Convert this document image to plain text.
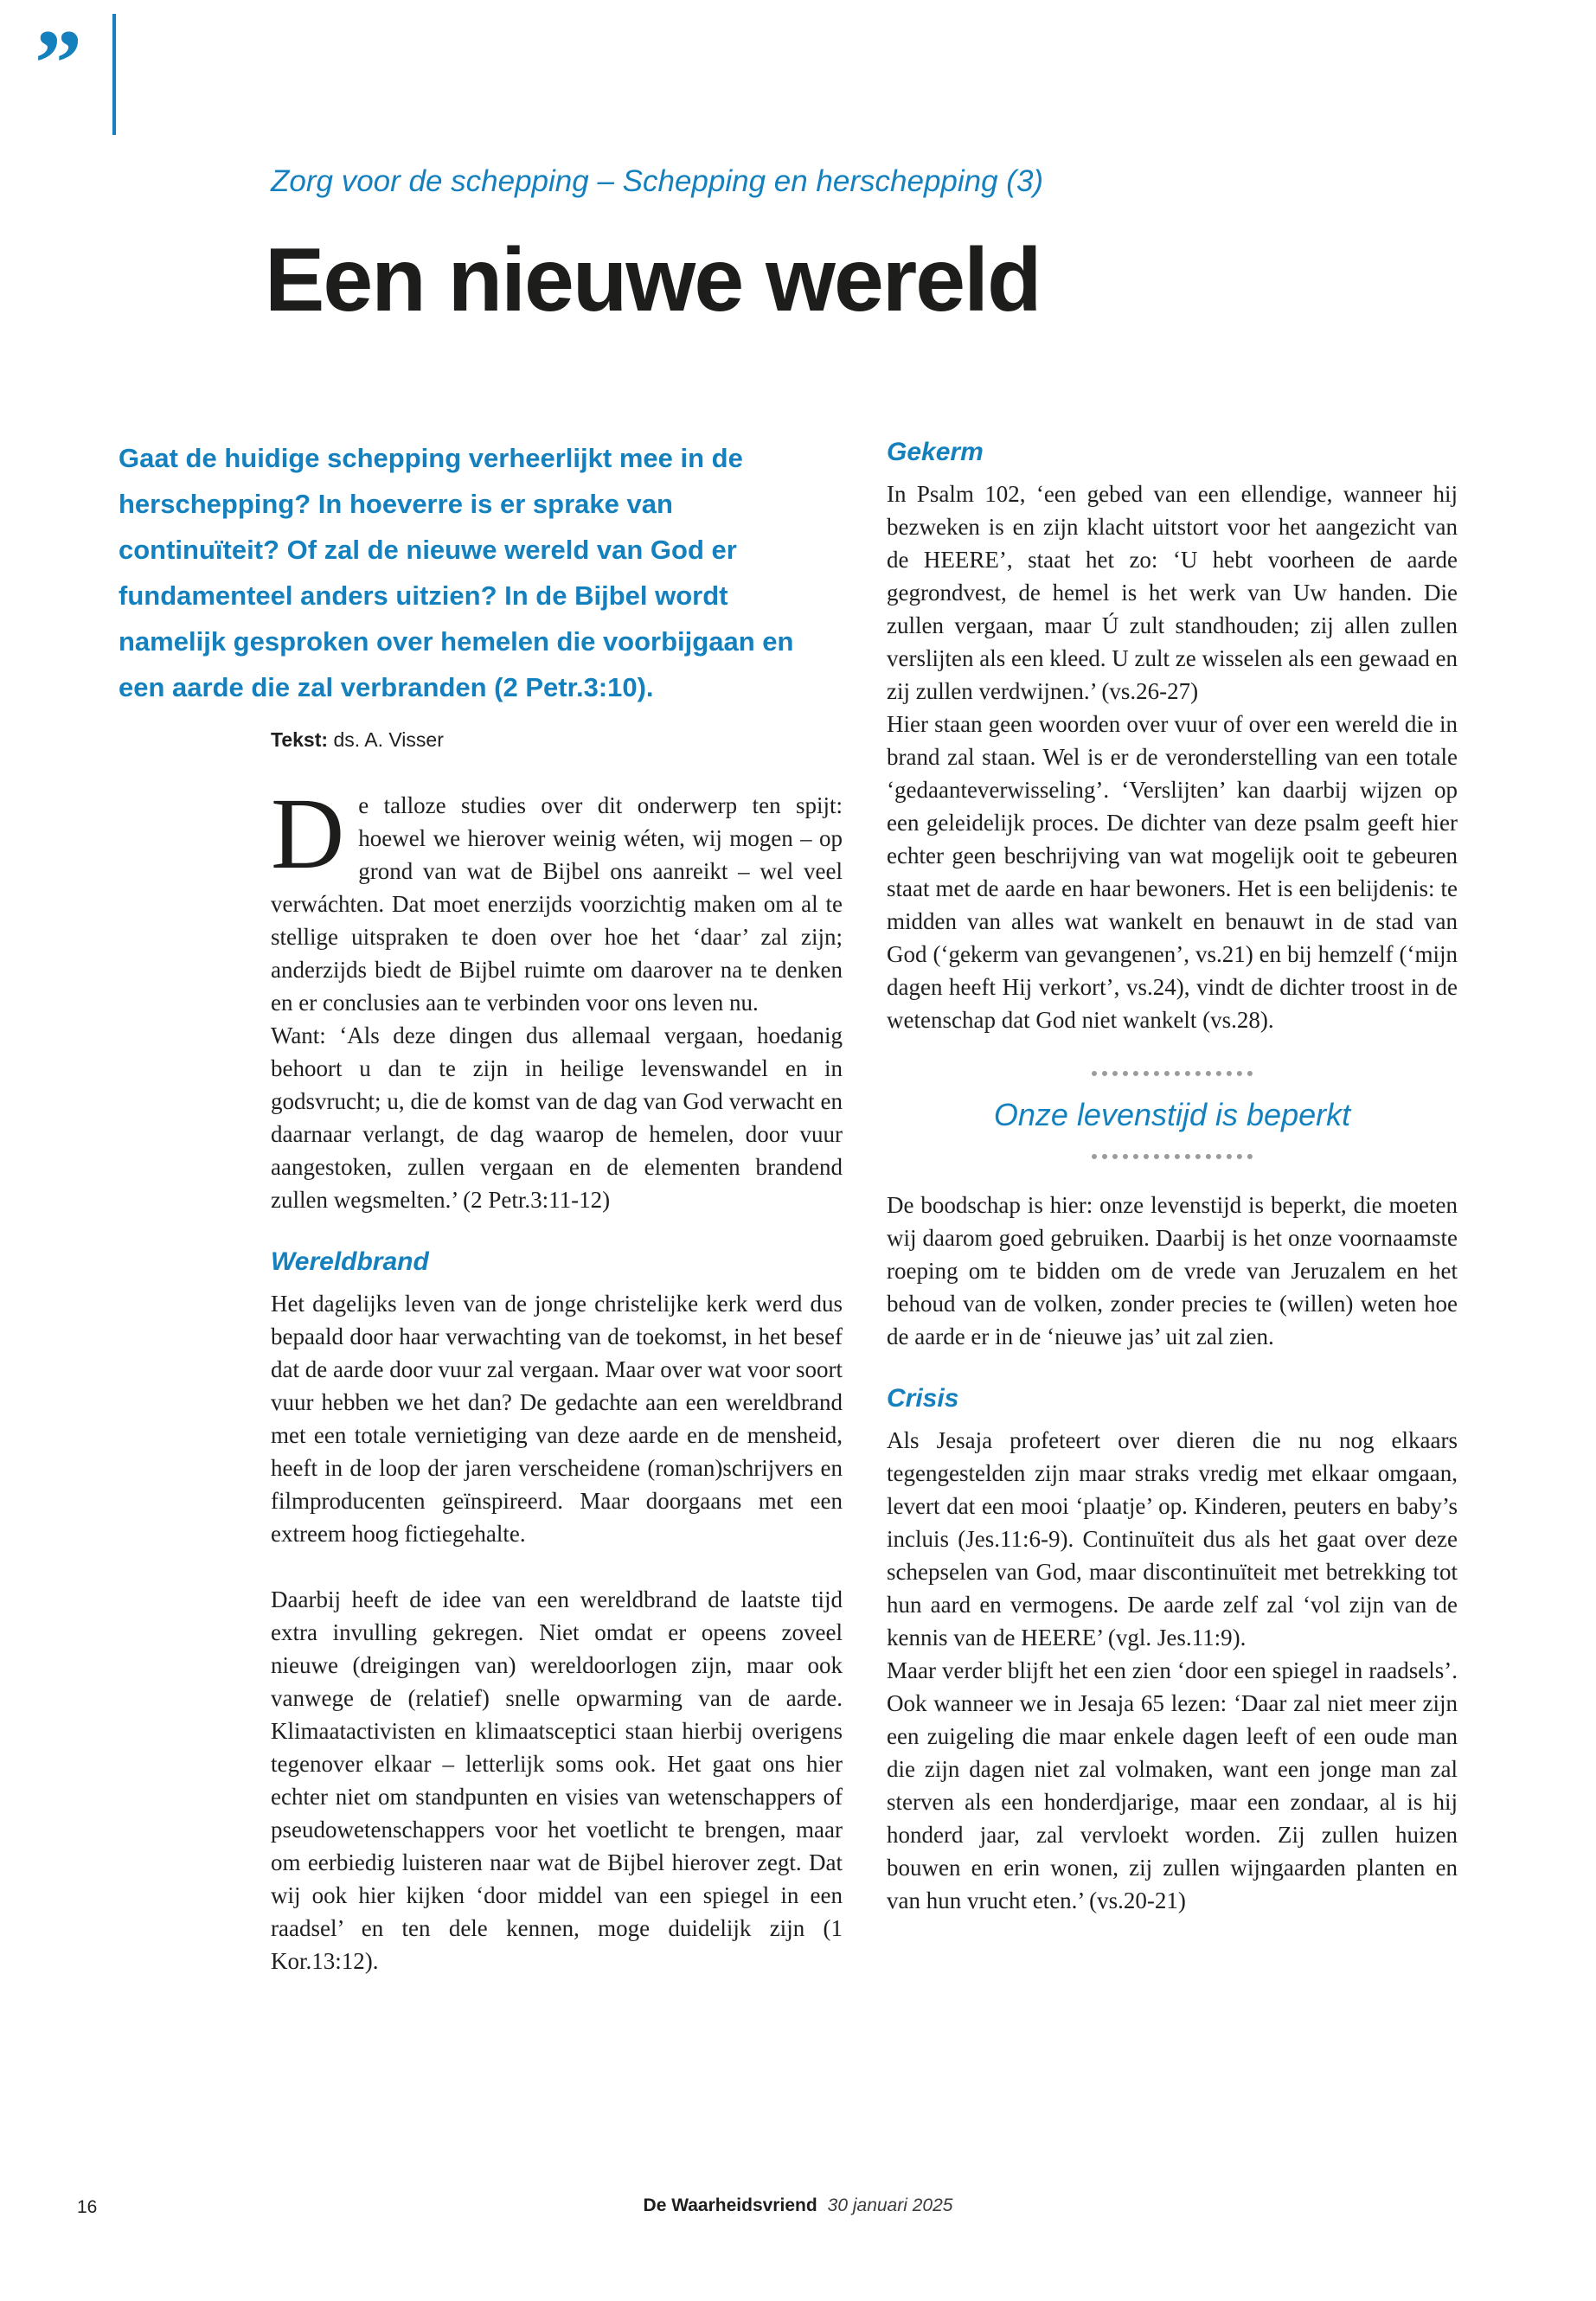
”
Zorg voor de schepping – Schepping en herschepping (3)
Een nieuwe wereld
Gaat de huidige schepping verheerlijkt mee in de herschepping? In hoeverre is er sprake van continuïteit? Of zal de nieuwe wereld van God er fundamenteel anders uitzien? In de Bijbel wordt namelijk gesproken over hemelen die voorbijgaan en een aarde die zal verbranden (2 Petr.3:10).
Tekst: ds. A. Visser

De talloze studies over dit onderwerp ten spijt: hoewel we hierover weinig wéten, wij mogen – op grond van wat de Bijbel ons aanreikt – wel veel verwáchten. Dat moet enerzijds voorzichtig maken om al te stellige uitspraken te doen over hoe het ‘daar’ zal zijn; anderzijds biedt de Bijbel ruimte om daarover na te denken en er conclusies aan te verbinden voor ons leven nu.

Want: ‘Als deze dingen dus allemaal vergaan, hoedanig behoort u dan te zijn in heilige levenswandel en in godsvrucht; u, die de komst van de dag van God verwacht en daarnaar verlangt, de dag waarop de hemelen, door vuur aangestoken, zullen vergaan en de elementen brandend zullen wegsmelten.’ (2 Petr.3:11-12)

Wereldbrand

Het dagelijks leven van de jonge christelijke kerk werd dus bepaald door haar verwachting van de toekomst, in het besef dat de aarde door vuur zal vergaan. Maar over wat voor soort vuur hebben we het dan? De gedachte aan een wereldbrand met een totale vernietiging van deze aarde en de mensheid, heeft in de loop der jaren verscheidene (roman)schrijvers en filmproducenten geïnspireerd. Maar doorgaans met een extreem hoog fictiegehalte.

Daarbij heeft de idee van een wereldbrand de laatste tijd extra invulling gekregen. Niet omdat er opeens zoveel nieuwe (dreigingen van) wereldoorlogen zijn, maar ook vanwege de (relatief) snelle opwarming van de aarde. Klimaatactivisten en klimaatsceptici staan hierbij overigens tegenover elkaar – letterlijk soms ook. Het gaat ons hier echter niet om standpunten en visies van wetenschappers of pseudowetenschappers voor het voetlicht te brengen, maar om eerbiedig luisteren naar wat de Bijbel hierover zegt. Dat wij ook hier kijken ‘door middel van een spiegel in een raadsel’ en ten dele kennen, moge duidelijk zijn (1 Kor.13:12).

Gekerm

In Psalm 102, ‘een gebed van een ellendige, wanneer hij bezweken is en zijn klacht uitstort voor het aangezicht van de HEERE’, staat het zo: ‘U hebt voorheen de aarde gegrondvest, de hemel is het werk van Uw handen. Die zullen vergaan, maar Ú zult standhouden; zij allen zullen verslijten als een kleed. U zult ze wisselen als een gewaad en zij zullen verdwijnen.’ (vs.26-27)

Hier staan geen woorden over vuur of over een wereld die in brand zal staan. Wel is er de veronderstelling van een totale ‘gedaanteverwisseling’. ‘Verslijten’ kan daarbij wijzen op een geleidelijk proces. De dichter van deze psalm geeft hier echter geen beschrijving van wat mogelijk ooit te gebeuren staat met de aarde en haar bewoners. Het is een belijdenis: te midden van alles wat wankelt en benauwt in de stad van God (‘gekerm van gevangenen’, vs.21) en bij hemzelf (‘mijn dagen heeft Hij verkort’, vs.24), vindt de dichter troost in de wetenschap dat God niet wankelt (vs.28).

Onze levenstijd is beperkt

De boodschap is hier: onze levenstijd is beperkt, die moeten wij daarom goed gebruiken. Daarbij is het onze voornaamste roeping om te bidden om de vrede van Jeruzalem en het behoud van de volken, zonder precies te (willen) weten hoe de aarde er in de ‘nieuwe jas’ uit zal zien.

Crisis

Als Jesaja profeteert over dieren die nu nog elkaars tegengestelden zijn maar straks vredig met elkaar omgaan, levert dat een mooi ‘plaatje’ op. Kinderen, peuters en baby’s incluis (Jes.11:6-9). Continuïteit dus als het gaat over deze schepselen van God, maar discontinuïteit met betrekking tot hun aard en vermogens. De aarde zelf zal ‘vol zijn van de kennis van de HEERE’ (vgl. Jes.11:9).

Maar verder blijft het een zien ‘door een spiegel in raadsels’. Ook wanneer we in Jesaja 65 lezen: ‘Daar zal niet meer zijn een zuigeling die maar enkele dagen leeft of een oude man die zijn dagen niet zal volmaken, want een jonge man zal sterven als een honderdjarige, maar een zondaar, al is hij honderd jaar, zal vervloekt worden. Zij zullen huizen bouwen en erin wonen, zij zullen wijngaarden planten en van hun vrucht eten.’ (vs.20-21)

16	De Waarheidsvriend 30 januari 2025
